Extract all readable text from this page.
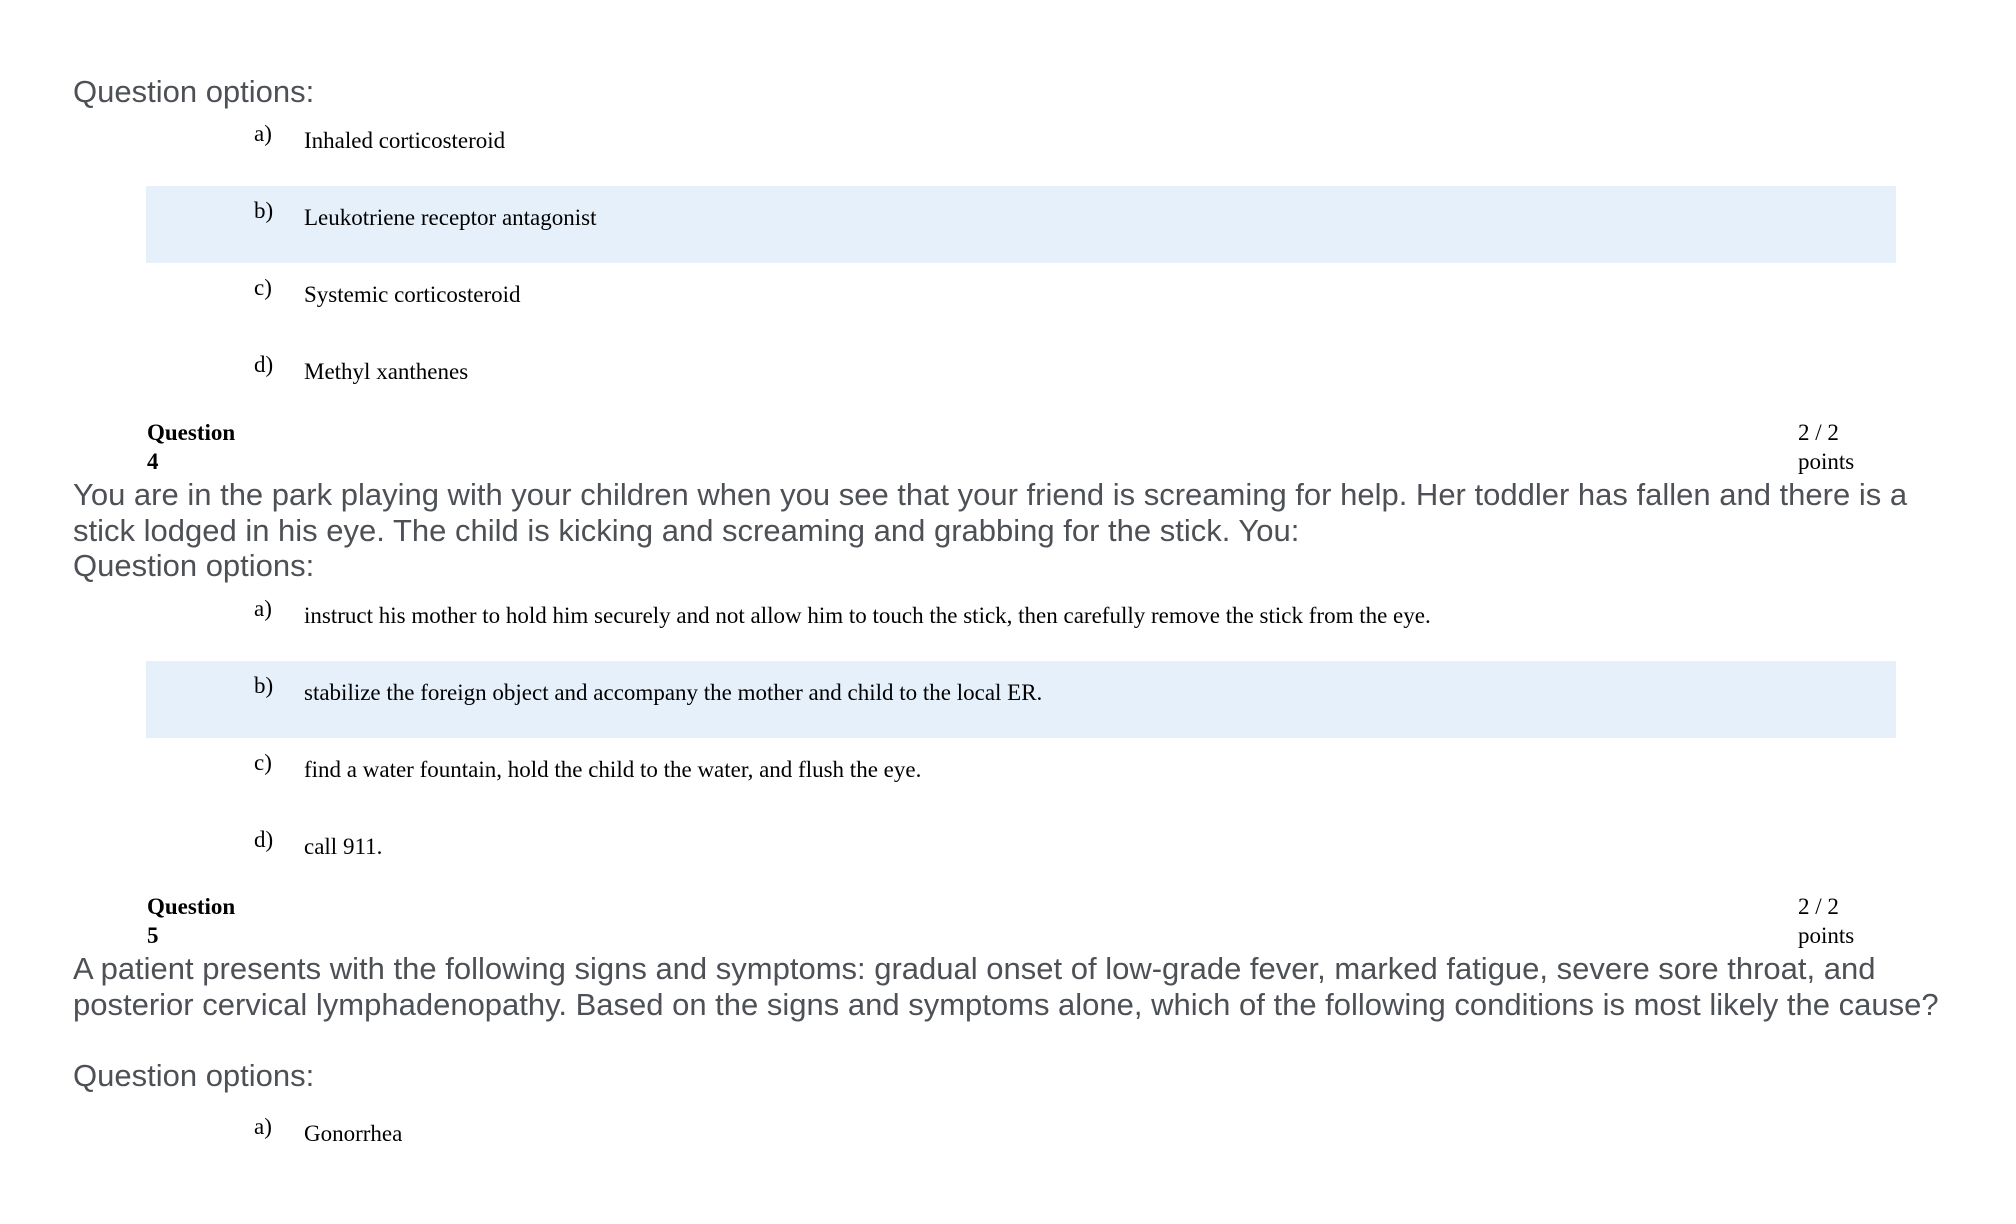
Question options:
a) Inhaled corticosteroid
b) Leukotriene receptor antagonist
c) Systemic corticosteroid
d) Methyl xanthenes
Question
4
2 / 2
points
You are in the park playing with your children when you see that your friend is screaming for help. Her toddler has fallen and there is a stick lodged in his eye. The child is kicking and screaming and grabbing for the stick. You:
Question options:
a) instruct his mother to hold him securely and not allow him to touch the stick, then carefully remove the stick from the eye.
b) stabilize the foreign object and accompany the mother and child to the local ER.
c) find a water fountain, hold the child to the water, and flush the eye.
d) call 911.
Question
5
2 / 2
points
A patient presents with the following signs and symptoms: gradual onset of low-grade fever, marked fatigue, severe sore throat, and posterior cervical lymphadenopathy. Based on the signs and symptoms alone, which of the following conditions is most likely the cause?
Question options:
a) Gonorrhea
